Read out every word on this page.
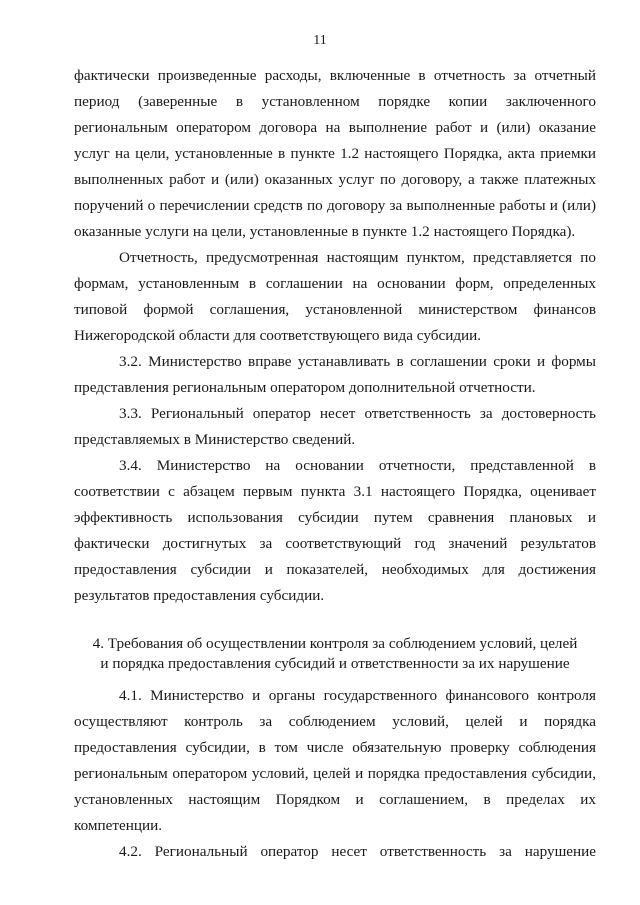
11
фактически произведенные расходы, включенные в отчетность за отчетный
период (заверенные в установленном порядке копии заключенного
региональным оператором договора на выполнение работ и (или) оказание
услуг на цели, установленные в пункте 1.2 настоящего Порядка, акта приемки
выполненных работ и (или) оказанных услуг по договору, а также платежных
поручений о перечислении средств по договору за выполненные работы и (или)
оказанные услуги на цели, установленные в пункте 1.2 настоящего Порядка).
Отчетность, предусмотренная настоящим пунктом, представляется по
формам, установленным в соглашении на основании форм, определенных
типовой формой соглашения, установленной министерством финансов
Нижегородской области для соответствующего вида субсидии.
3.2. Министерство вправе устанавливать в соглашении сроки и формы
представления региональным оператором дополнительной отчетности.
3.3. Региональный оператор несет ответственность за достоверность
представляемых в Министерство сведений.
3.4. Министерство на основании отчетности, представленной в
соответствии с абзацем первым пункта 3.1 настоящего Порядка, оценивает
эффективность использования субсидии путем сравнения плановых и
фактически достигнутых за соответствующий год значений результатов
предоставления субсидии и показателей, необходимых для достижения
результатов предоставления субсидии.
4. Требования об осуществлении контроля за соблюдением условий, целей
и порядка предоставления субсидий и ответственности за их нарушение
4.1. Министерство и органы государственного финансового контроля
осуществляют контроль за соблюдением условий, целей и порядка
предоставления субсидии, в том числе обязательную проверку соблюдения
региональным оператором условий, целей и порядка предоставления субсидии,
установленных настоящим Порядком и соглашением, в пределах их
компетенции.
4.2. Региональный оператор несет ответственность за нарушение
